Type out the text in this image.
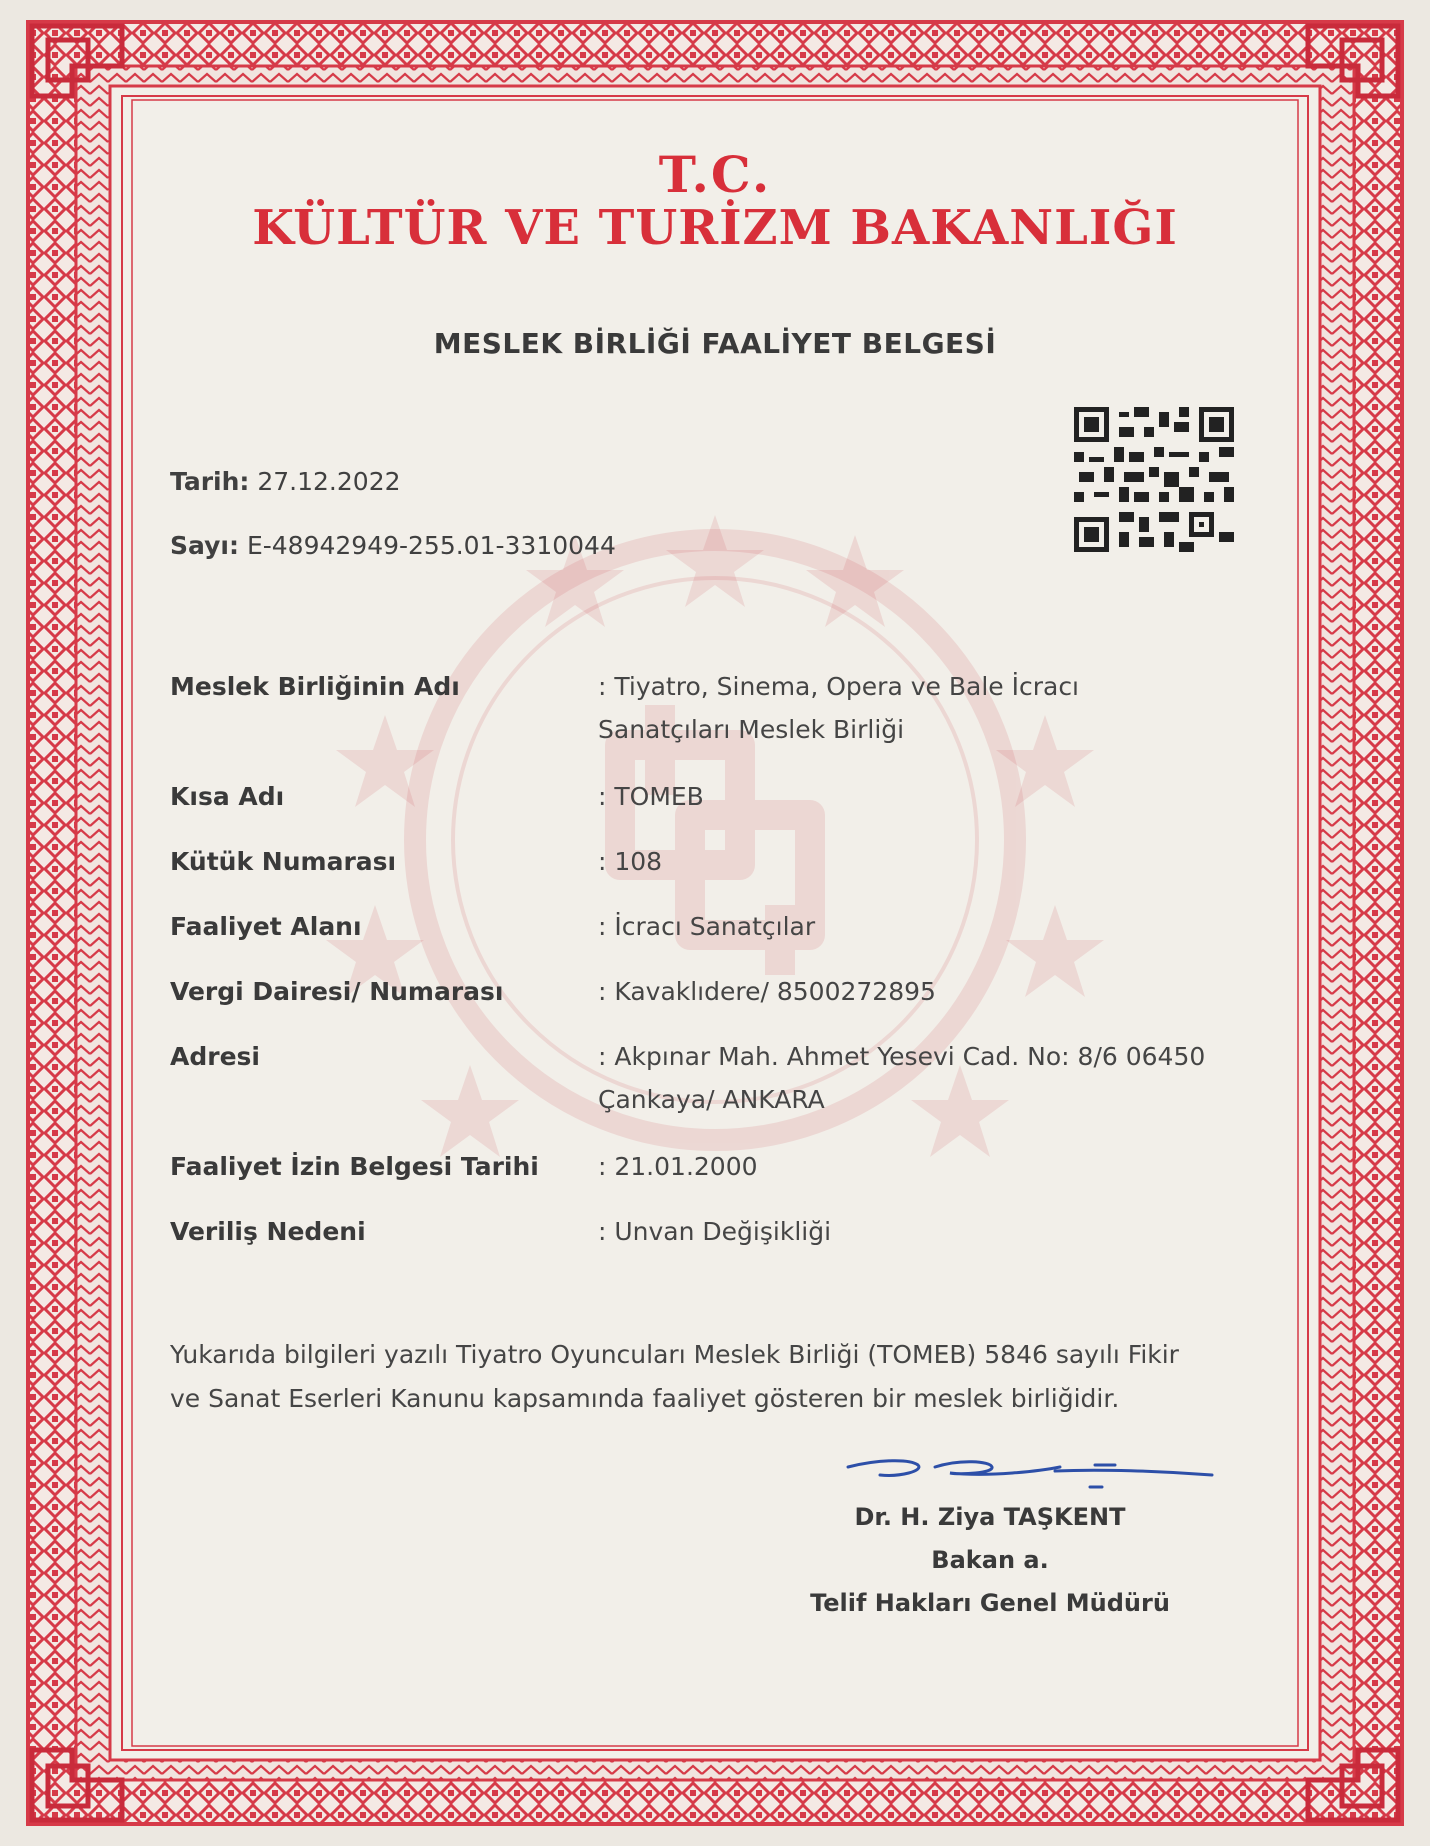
T.C.
KÜLTÜR VE TURİZM BAKANLIĞI
MESLEK BİRLİĞİ FAALİYET BELGESİ
Tarih: 27.12.2022
Sayı: E-48942949-255.01-3310044
Meslek Birliğinin Adı	: Tiyatro, Sinema, Opera ve Bale İcracı
Sanatçıları Meslek Birliği
Kısa Adı	: TOMEB
Kütük Numarası	: 108
Faaliyet Alanı	: İcracı Sanatçılar
Vergi Dairesi/ Numarası	: Kavaklıdere/ 8500272895
Adresi	: Akpınar Mah. Ahmet Yesevi Cad. No: 8/6 06450
Çankaya/ ANKARA
Faaliyet İzin Belgesi Tarihi	: 21.01.2000
Veriliş Nedeni	: Unvan Değişikliği
Yukarıda bilgileri yazılı Tiyatro Oyuncuları Meslek Birliği (TOMEB) 5846 sayılı Fikir
ve Sanat Eserleri Kanunu kapsamında faaliyet gösteren bir meslek birliğidir.
Dr. H. Ziya TAŞKENT
Bakan a.
Telif Hakları Genel Müdürü
